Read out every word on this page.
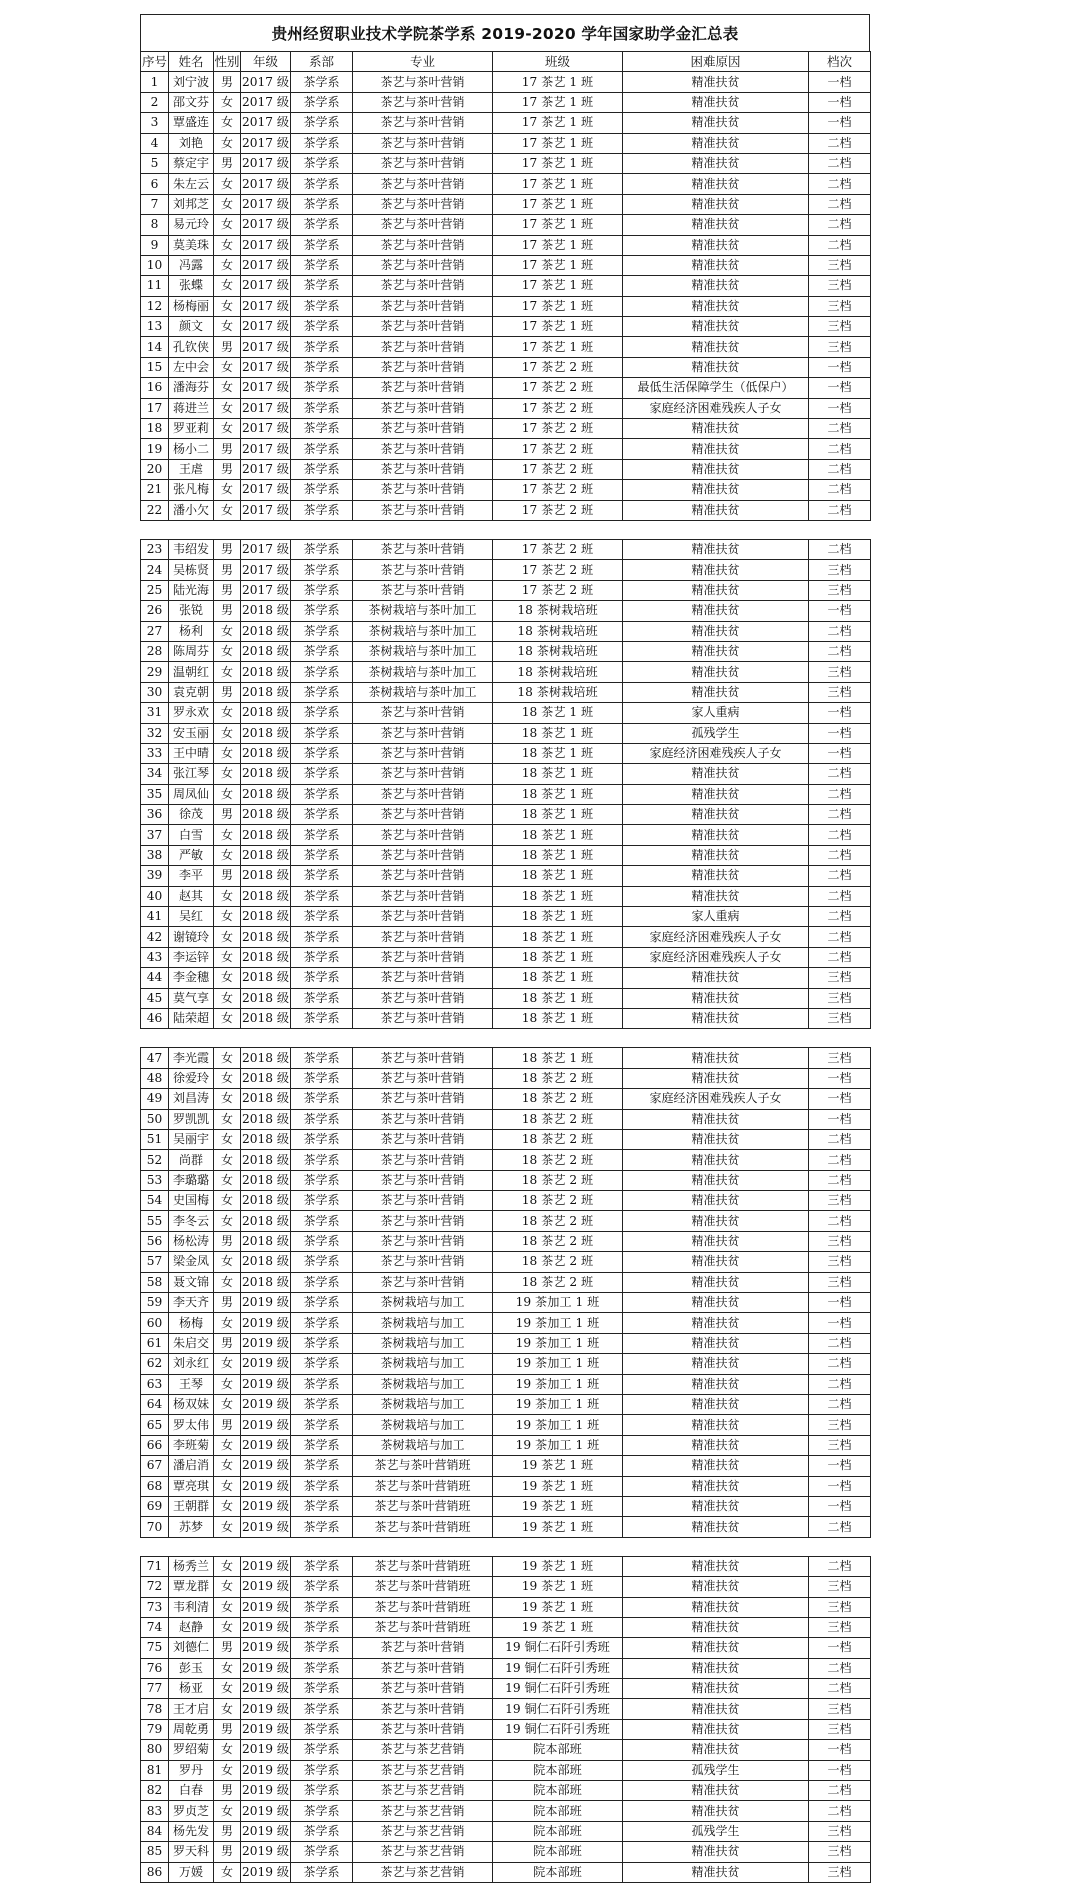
贵州经贸职业技术学院茶学系 2019-2020 学年国家助学金汇总表
序号	姓名	性别	年级	系部	专业	班级	困难原因	档次
1	刘宁波	男	2017 级	茶学系	茶艺与茶叶营销	17 茶艺 1 班	精准扶贫	一档
2	邵文芬	女	2017 级	茶学系	茶艺与茶叶营销	17 茶艺 1 班	精准扶贫	一档
3	覃盛连	女	2017 级	茶学系	茶艺与茶叶营销	17 茶艺 1 班	精准扶贫	一档
4	刘艳	女	2017 级	茶学系	茶艺与茶叶营销	17 茶艺 1 班	精准扶贫	二档
5	蔡定宇	男	2017 级	茶学系	茶艺与茶叶营销	17 茶艺 1 班	精准扶贫	二档
6	朱左云	女	2017 级	茶学系	茶艺与茶叶营销	17 茶艺 1 班	精准扶贫	二档
7	刘邦芝	女	2017 级	茶学系	茶艺与茶叶营销	17 茶艺 1 班	精准扶贫	二档
8	易元玲	女	2017 级	茶学系	茶艺与茶叶营销	17 茶艺 1 班	精准扶贫	二档
9	莫美珠	女	2017 级	茶学系	茶艺与茶叶营销	17 茶艺 1 班	精准扶贫	二档
10	冯露	女	2017 级	茶学系	茶艺与茶叶营销	17 茶艺 1 班	精准扶贫	三档
11	张蝶	女	2017 级	茶学系	茶艺与茶叶营销	17 茶艺 1 班	精准扶贫	三档
12	杨梅丽	女	2017 级	茶学系	茶艺与茶叶营销	17 茶艺 1 班	精准扶贫	三档
13	颜文	女	2017 级	茶学系	茶艺与茶叶营销	17 茶艺 1 班	精准扶贫	三档
14	孔钦侠	男	2017 级	茶学系	茶艺与茶叶营销	17 茶艺 1 班	精准扶贫	三档
15	左中会	女	2017 级	茶学系	茶艺与茶叶营销	17 茶艺 2 班	精准扶贫	一档
16	潘海芬	女	2017 级	茶学系	茶艺与茶叶营销	17 茶艺 2 班	最低生活保障学生（低保户）	一档
17	蒋进兰	女	2017 级	茶学系	茶艺与茶叶营销	17 茶艺 2 班	家庭经济困难残疾人子女	一档
18	罗亚莉	女	2017 级	茶学系	茶艺与茶叶营销	17 茶艺 2 班	精准扶贫	二档
19	杨小二	男	2017 级	茶学系	茶艺与茶叶营销	17 茶艺 2 班	精准扶贫	二档
20	王虐	男	2017 级	茶学系	茶艺与茶叶营销	17 茶艺 2 班	精准扶贫	二档
21	张凡梅	女	2017 级	茶学系	茶艺与茶叶营销	17 茶艺 2 班	精准扶贫	二档
22	潘小欠	女	2017 级	茶学系	茶艺与茶叶营销	17 茶艺 2 班	精准扶贫	二档
23	韦绍发	男	2017 级	茶学系	茶艺与茶叶营销	17 茶艺 2 班	精准扶贫	二档
24	吴栋贤	男	2017 级	茶学系	茶艺与茶叶营销	17 茶艺 2 班	精准扶贫	三档
25	陆光海	男	2017 级	茶学系	茶艺与茶叶营销	17 茶艺 2 班	精准扶贫	三档
26	张锐	男	2018 级	茶学系	茶树栽培与茶叶加工	18 茶树栽培班	精准扶贫	一档
27	杨利	女	2018 级	茶学系	茶树栽培与茶叶加工	18 茶树栽培班	精准扶贫	二档
28	陈周芬	女	2018 级	茶学系	茶树栽培与茶叶加工	18 茶树栽培班	精准扶贫	二档
29	温朝红	女	2018 级	茶学系	茶树栽培与茶叶加工	18 茶树栽培班	精准扶贫	三档
30	袁克朝	男	2018 级	茶学系	茶树栽培与茶叶加工	18 茶树栽培班	精准扶贫	三档
31	罗永欢	女	2018 级	茶学系	茶艺与茶叶营销	18 茶艺 1 班	家人重病	一档
32	安玉丽	女	2018 级	茶学系	茶艺与茶叶营销	18 茶艺 1 班	孤残学生	一档
33	王中晴	女	2018 级	茶学系	茶艺与茶叶营销	18 茶艺 1 班	家庭经济困难残疾人子女	一档
34	张江琴	女	2018 级	茶学系	茶艺与茶叶营销	18 茶艺 1 班	精准扶贫	二档
35	周凤仙	女	2018 级	茶学系	茶艺与茶叶营销	18 茶艺 1 班	精准扶贫	二档
36	徐茂	男	2018 级	茶学系	茶艺与茶叶营销	18 茶艺 1 班	精准扶贫	二档
37	白雪	女	2018 级	茶学系	茶艺与茶叶营销	18 茶艺 1 班	精准扶贫	二档
38	严敏	女	2018 级	茶学系	茶艺与茶叶营销	18 茶艺 1 班	精准扶贫	二档
39	李平	男	2018 级	茶学系	茶艺与茶叶营销	18 茶艺 1 班	精准扶贫	二档
40	赵其	女	2018 级	茶学系	茶艺与茶叶营销	18 茶艺 1 班	精准扶贫	二档
41	吴红	女	2018 级	茶学系	茶艺与茶叶营销	18 茶艺 1 班	家人重病	二档
42	谢镜玲	女	2018 级	茶学系	茶艺与茶叶营销	18 茶艺 1 班	家庭经济困难残疾人子女	二档
43	李运锌	女	2018 级	茶学系	茶艺与茶叶营销	18 茶艺 1 班	家庭经济困难残疾人子女	二档
44	李金穗	女	2018 级	茶学系	茶艺与茶叶营销	18 茶艺 1 班	精准扶贫	三档
45	莫气享	女	2018 级	茶学系	茶艺与茶叶营销	18 茶艺 1 班	精准扶贫	三档
46	陆荣超	女	2018 级	茶学系	茶艺与茶叶营销	18 茶艺 1 班	精准扶贫	三档
47	李光霞	女	2018 级	茶学系	茶艺与茶叶营销	18 茶艺 1 班	精准扶贫	三档
48	徐爱玲	女	2018 级	茶学系	茶艺与茶叶营销	18 茶艺 2 班	精准扶贫	一档
49	刘昌涛	女	2018 级	茶学系	茶艺与茶叶营销	18 茶艺 2 班	家庭经济困难残疾人子女	一档
50	罗凯凯	女	2018 级	茶学系	茶艺与茶叶营销	18 茶艺 2 班	精准扶贫	一档
51	吴丽宇	女	2018 级	茶学系	茶艺与茶叶营销	18 茶艺 2 班	精准扶贫	二档
52	尚群	女	2018 级	茶学系	茶艺与茶叶营销	18 茶艺 2 班	精准扶贫	二档
53	李璐璐	女	2018 级	茶学系	茶艺与茶叶营销	18 茶艺 2 班	精准扶贫	二档
54	史国梅	女	2018 级	茶学系	茶艺与茶叶营销	18 茶艺 2 班	精准扶贫	三档
55	李冬云	女	2018 级	茶学系	茶艺与茶叶营销	18 茶艺 2 班	精准扶贫	二档
56	杨松涛	男	2018 级	茶学系	茶艺与茶叶营销	18 茶艺 2 班	精准扶贫	三档
57	梁金凤	女	2018 级	茶学系	茶艺与茶叶营销	18 茶艺 2 班	精准扶贫	三档
58	聂文锦	女	2018 级	茶学系	茶艺与茶叶营销	18 茶艺 2 班	精准扶贫	三档
59	李天齐	男	2019 级	茶学系	茶树栽培与加工	19 茶加工 1 班	精准扶贫	一档
60	杨梅	女	2019 级	茶学系	茶树栽培与加工	19 茶加工 1 班	精准扶贫	一档
61	朱启交	男	2019 级	茶学系	茶树栽培与加工	19 茶加工 1 班	精准扶贫	二档
62	刘永红	女	2019 级	茶学系	茶树栽培与加工	19 茶加工 1 班	精准扶贫	二档
63	王琴	女	2019 级	茶学系	茶树栽培与加工	19 茶加工 1 班	精准扶贫	二档
64	杨双妹	女	2019 级	茶学系	茶树栽培与加工	19 茶加工 1 班	精准扶贫	二档
65	罗太伟	男	2019 级	茶学系	茶树栽培与加工	19 茶加工 1 班	精准扶贫	三档
66	李班菊	女	2019 级	茶学系	茶树栽培与加工	19 茶加工 1 班	精准扶贫	三档
67	潘启消	女	2019 级	茶学系	茶艺与茶叶营销班	19 茶艺 1 班	精准扶贫	一档
68	覃亮琪	女	2019 级	茶学系	茶艺与茶叶营销班	19 茶艺 1 班	精准扶贫	一档
69	王朝群	女	2019 级	茶学系	茶艺与茶叶营销班	19 茶艺 1 班	精准扶贫	一档
70	苏梦	女	2019 级	茶学系	茶艺与茶叶营销班	19 茶艺 1 班	精准扶贫	二档
71	杨秀兰	女	2019 级	茶学系	茶艺与茶叶营销班	19 茶艺 1 班	精准扶贫	二档
72	覃龙群	女	2019 级	茶学系	茶艺与茶叶营销班	19 茶艺 1 班	精准扶贫	三档
73	韦利清	女	2019 级	茶学系	茶艺与茶叶营销班	19 茶艺 1 班	精准扶贫	三档
74	赵静	女	2019 级	茶学系	茶艺与茶叶营销班	19 茶艺 1 班	精准扶贫	三档
75	刘德仁	男	2019 级	茶学系	茶艺与茶叶营销	19 铜仁石阡引秀班	精准扶贫	一档
76	彭玉	女	2019 级	茶学系	茶艺与茶叶营销	19 铜仁石阡引秀班	精准扶贫	二档
77	杨亚	女	2019 级	茶学系	茶艺与茶叶营销	19 铜仁石阡引秀班	精准扶贫	二档
78	王才启	女	2019 级	茶学系	茶艺与茶叶营销	19 铜仁石阡引秀班	精准扶贫	三档
79	周乾勇	男	2019 级	茶学系	茶艺与茶叶营销	19 铜仁石阡引秀班	精准扶贫	三档
80	罗绍菊	女	2019 级	茶学系	茶艺与茶艺营销	院本部班	精准扶贫	一档
81	罗丹	女	2019 级	茶学系	茶艺与茶艺营销	院本部班	孤残学生	一档
82	白春	男	2019 级	茶学系	茶艺与茶艺营销	院本部班	精准扶贫	二档
83	罗贞芝	女	2019 级	茶学系	茶艺与茶艺营销	院本部班	精准扶贫	二档
84	杨先发	男	2019 级	茶学系	茶艺与茶艺营销	院本部班	孤残学生	三档
85	罗天科	男	2019 级	茶学系	茶艺与茶艺营销	院本部班	精准扶贫	三档
86	万媛	女	2019 级	茶学系	茶艺与茶艺营销	院本部班	精准扶贫	三档
